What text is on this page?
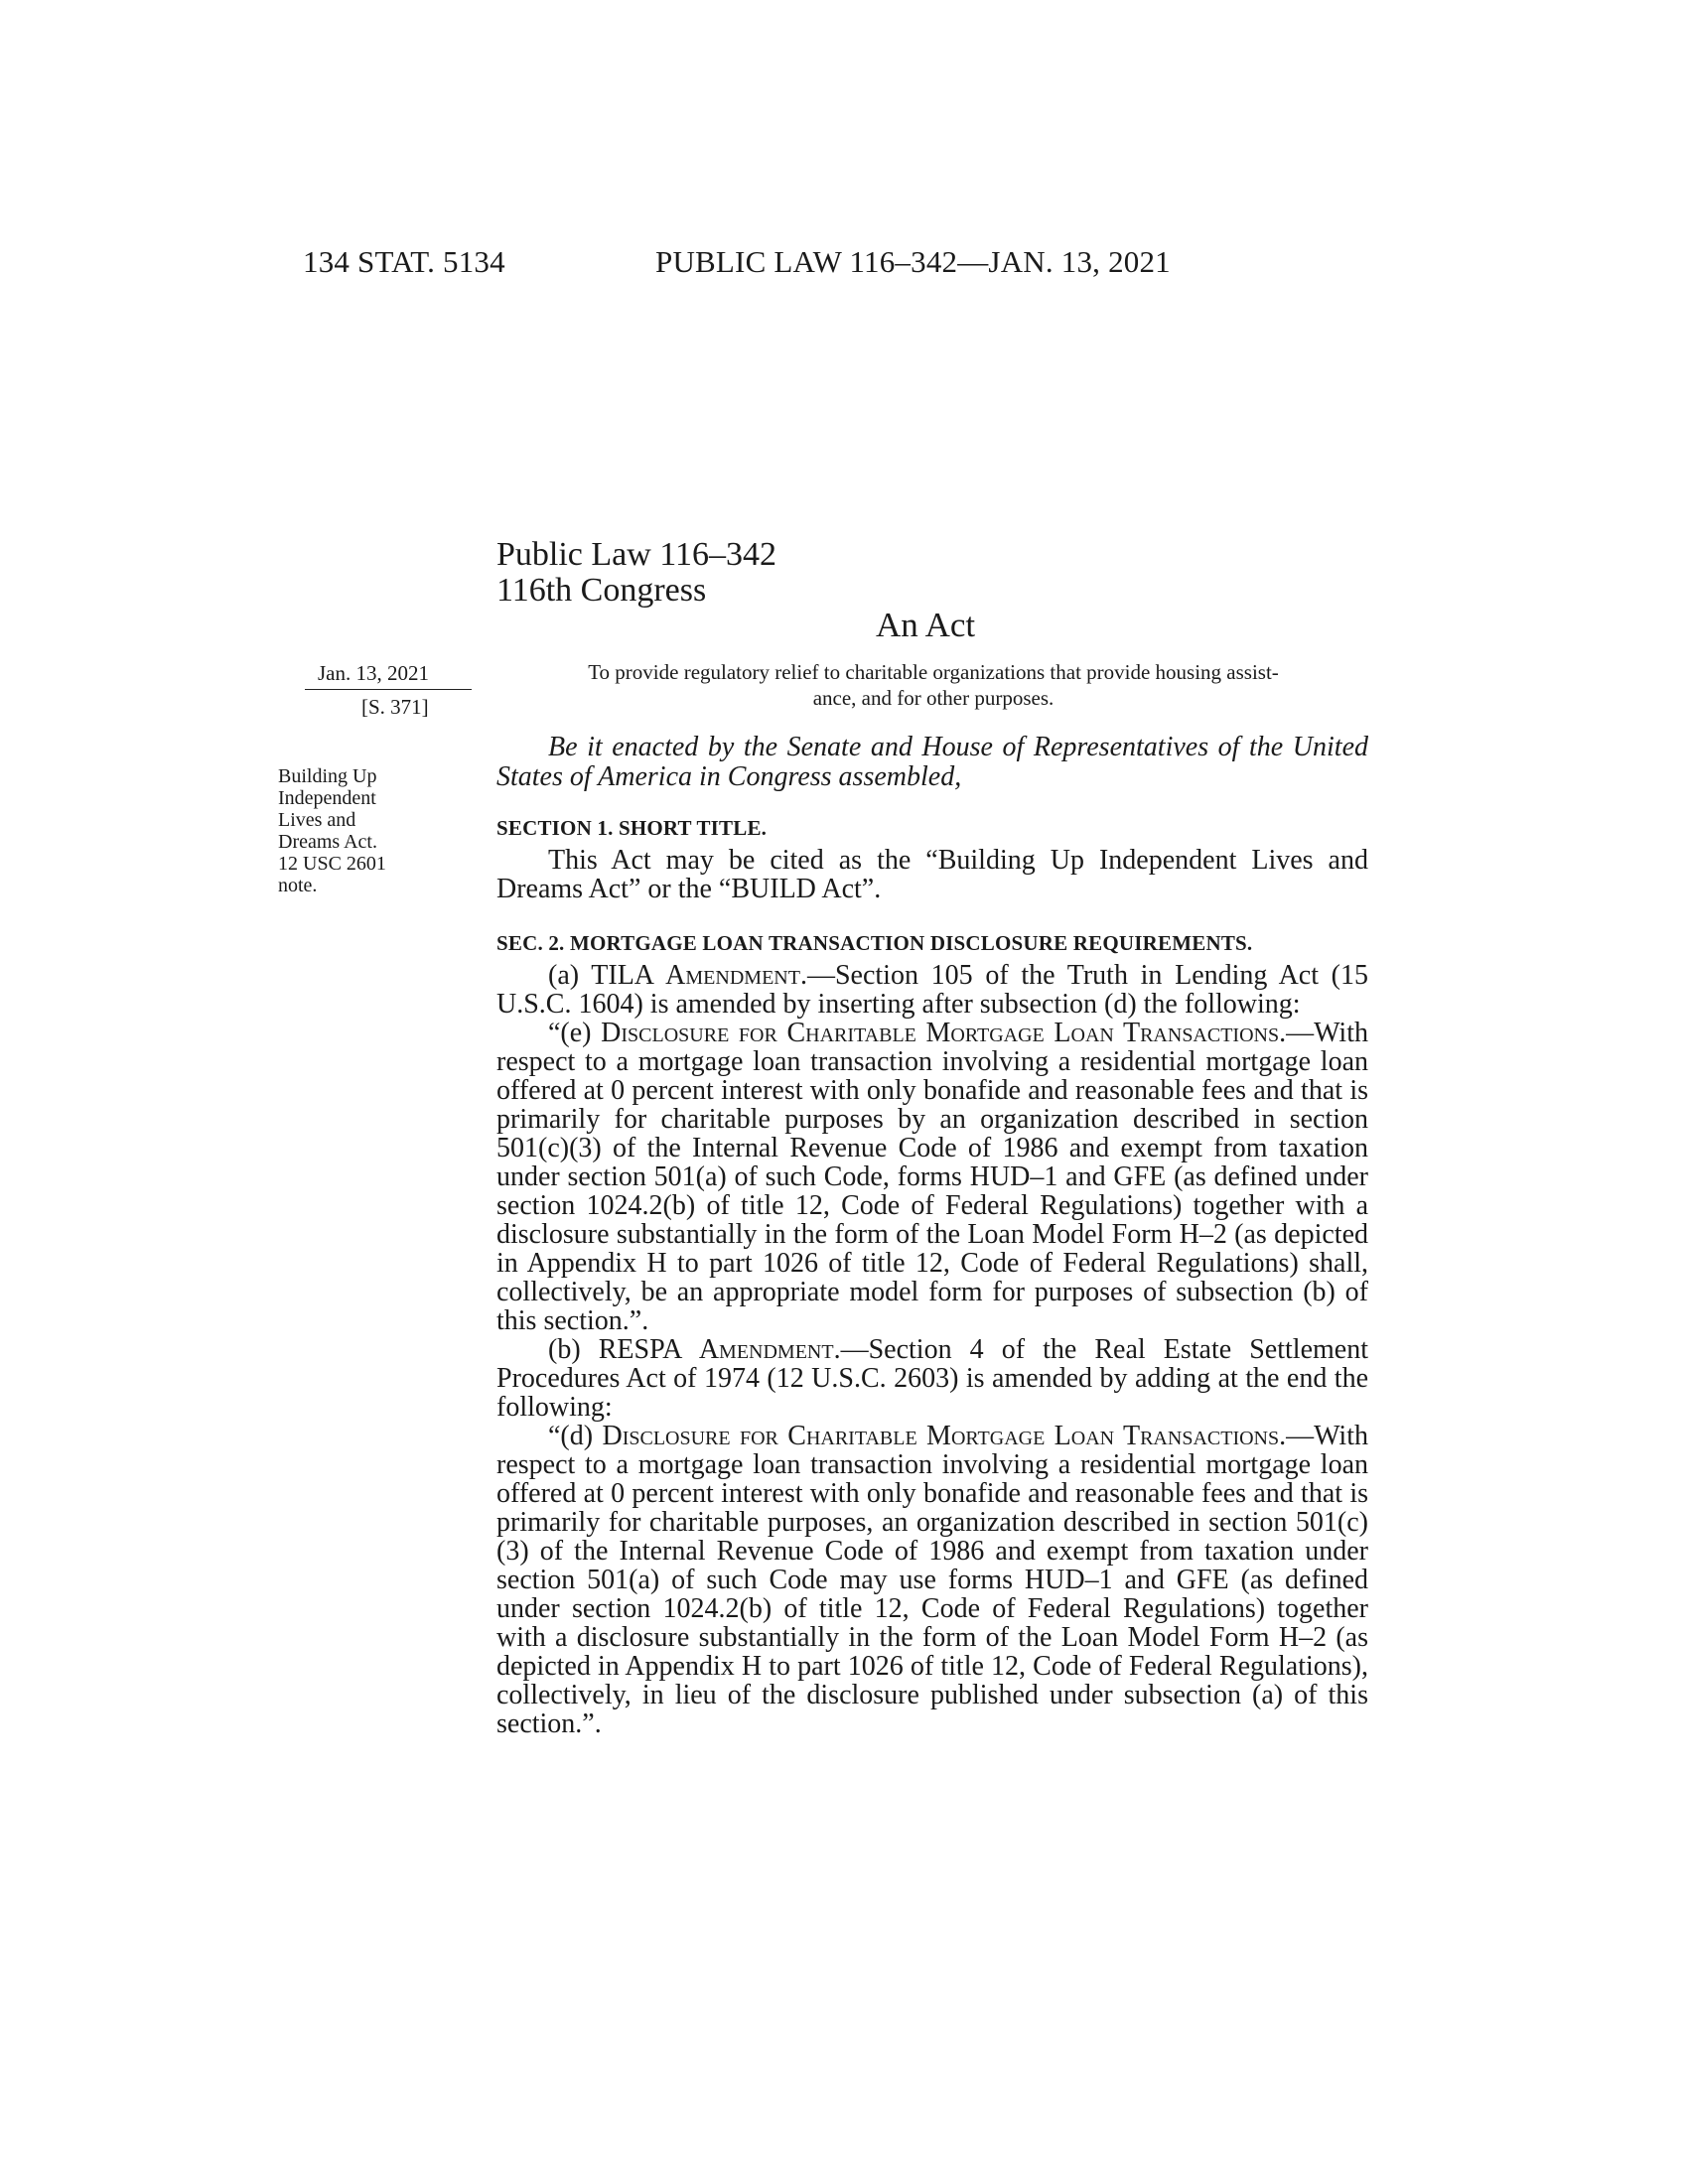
134 STAT. 5134	PUBLIC LAW 116–342—JAN. 13, 2021
Public Law 116–342
116th Congress
An Act
Jan. 13, 2021
[S. 371]
Building Up
Independent
Lives and
Dreams Act.
12 USC 2601
note.
To provide regulatory relief to charitable organizations that provide housing assist-
ance, and for other purposes.

Be it enacted by the Senate and House of Representatives of the United States of America in Congress assembled,

SECTION 1. SHORT TITLE.

This Act may be cited as the “Building Up Independent Lives and Dreams Act” or the “BUILD Act”.

SEC. 2. MORTGAGE LOAN TRANSACTION DISCLOSURE REQUIREMENTS.

(a) TILA Amendment.—Section 105 of the Truth in Lending Act (15 U.S.C. 1604) is amended by inserting after subsection (d) the following:

“(e) Disclosure for Charitable Mortgage Loan Transactions.—With respect to a mortgage loan transaction involving a residential mortgage loan offered at 0 percent interest with only bonafide and reasonable fees and that is primarily for charitable purposes by an organization described in section 501(c)(3) of the Internal Revenue Code of 1986 and exempt from taxation under section 501(a) of such Code, forms HUD–1 and GFE (as defined under section 1024.2(b) of title 12, Code of Federal Regulations) together with a disclosure substantially in the form of the Loan Model Form H–2 (as depicted in Appendix H to part 1026 of title 12, Code of Federal Regulations) shall, collectively, be an appropriate model form for purposes of subsection (b) of this section.”.

(b) RESPA Amendment.—Section 4 of the Real Estate Settlement Procedures Act of 1974 (12 U.S.C. 2603) is amended by adding at the end the following:

“(d) Disclosure for Charitable Mortgage Loan Transactions.—With respect to a mortgage loan transaction involving a residential mortgage loan offered at 0 percent interest with only bonafide and reasonable fees and that is primarily for charitable purposes, an organization described in section 501(c)(3) of the Internal Revenue Code of 1986 and exempt from taxation under section 501(a) of such Code may use forms HUD–1 and GFE (as defined under section 1024.2(b) of title 12, Code of Federal Regulations) together with a disclosure substantially in the form of the Loan Model Form H–2 (as depicted in Appendix H to part 1026 of title 12, Code of Federal Regulations), collectively, in lieu of the disclosure published under subsection (a) of this section.”.
